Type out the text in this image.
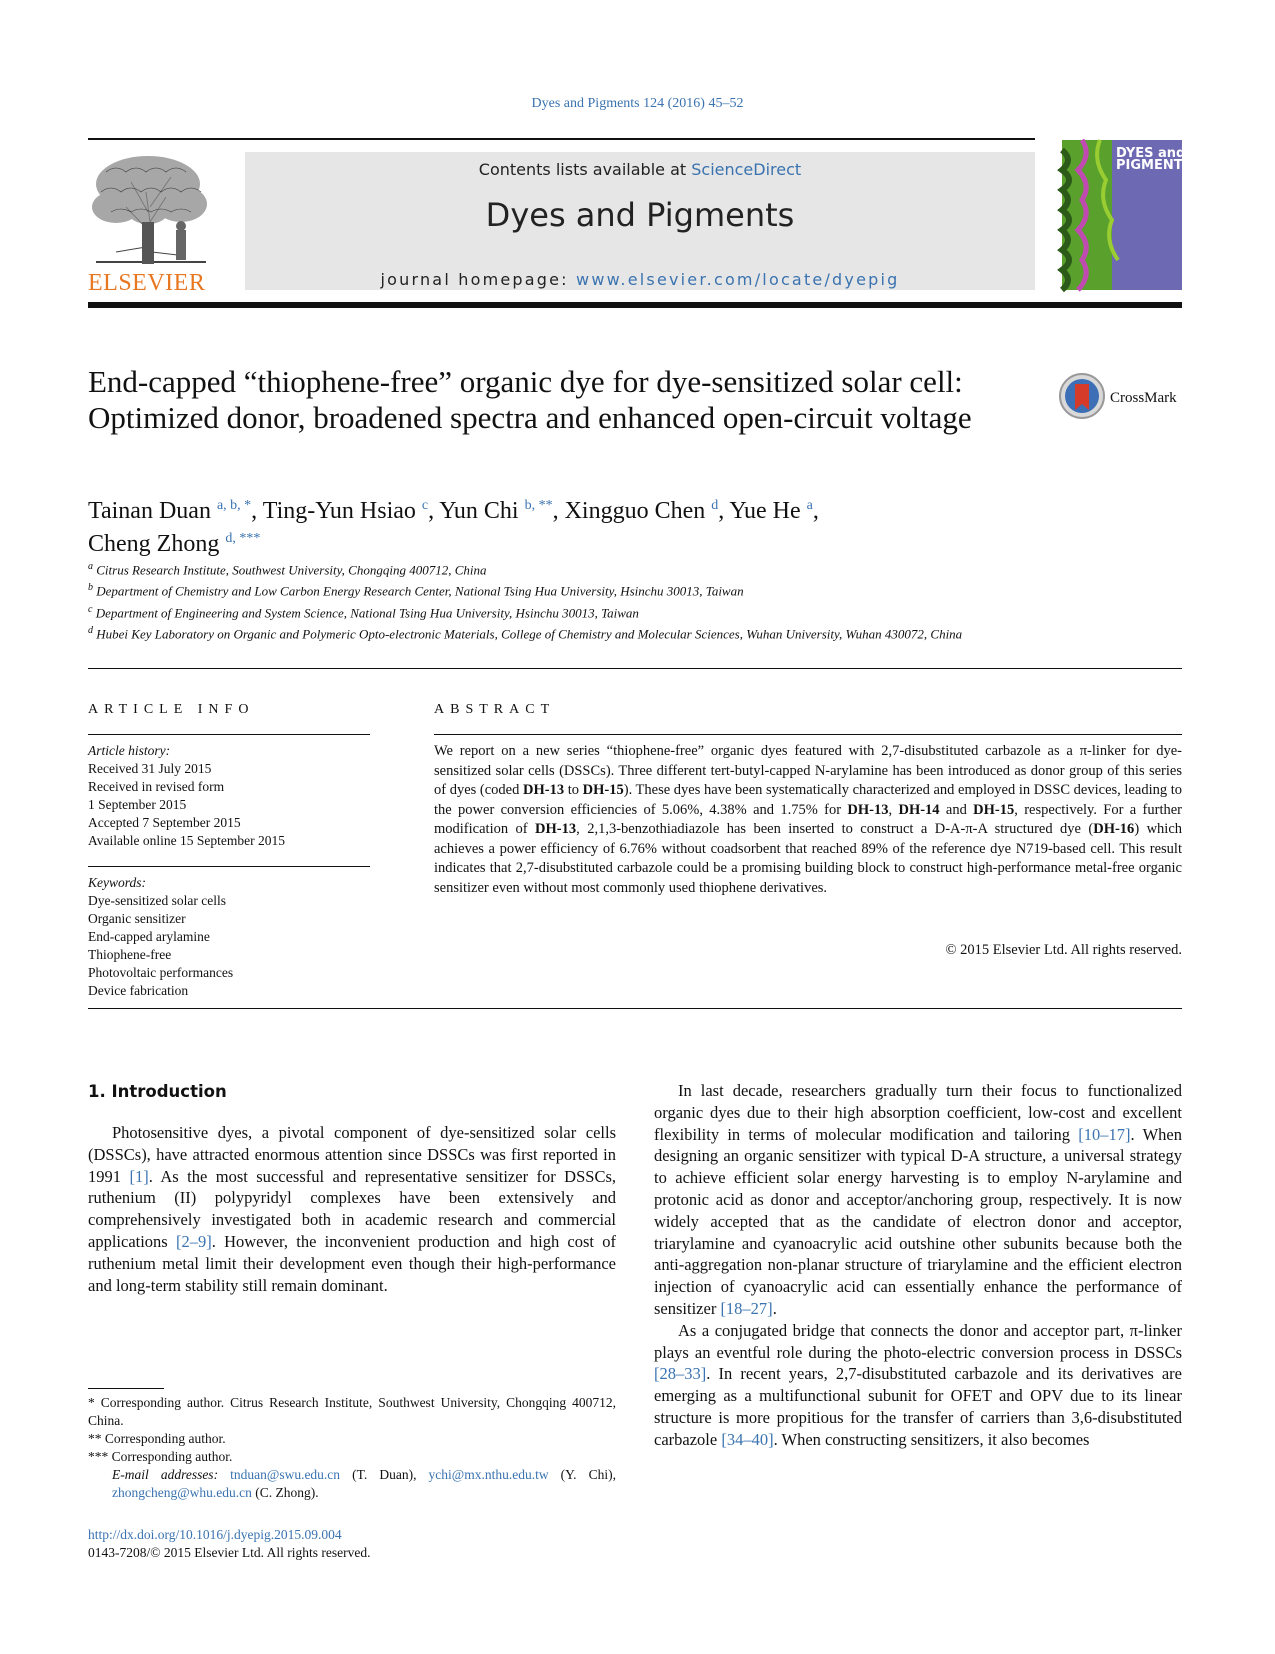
Dyes and Pigments 124 (2016) 45–52
ELSEVIER
Contents lists available at ScienceDirect
Dyes and Pigments
journal homepage: www.elsevier.com/locate/dyepig
DYES and PIGMENTS
End-capped “thiophene-free” organic dye for dye-sensitized solar cell: Optimized donor, broadened spectra and enhanced open-circuit voltage
CrossMark
Tainan Duan $^{a, b, *}$, Ting-Yun Hsiao $^c$, Yun Chi $^{b, **}$, Xingguo Chen $^d$, Yue He $^a$,
Cheng Zhong $^{d, ***}$
$^a$ Citrus Research Institute, Southwest University, Chongqing 400712, China
$^b$ Department of Chemistry and Low Carbon Energy Research Center, National Tsing Hua University, Hsinchu 30013, Taiwan
$^c$ Department of Engineering and System Science, National Tsing Hua University, Hsinchu 30013, Taiwan
$^d$ Hubei Key Laboratory on Organic and Polymeric Opto-electronic Materials, College of Chemistry and Molecular Sciences, Wuhan University, Wuhan 430072, China
ARTICLE INFO	ABSTRACT
Article history:
Received 31 July 2015
Received in revised form
1 September 2015
Accepted 7 September 2015
Available online 15 September 2015
Keywords:
Dye-sensitized solar cells
Organic sensitizer
End-capped arylamine
Thiophene-free
Photovoltaic performances
Device fabrication
We report on a new series “thiophene-free” organic dyes featured with 2,7-disubstituted carbazole as a π-linker for dye-sensitized solar cells (DSSCs). Three different tert-butyl-capped N-arylamine has been introduced as donor group of this series of dyes (coded DH-13 to DH-15). These dyes have been systematically characterized and employed in DSSC devices, leading to the power conversion efficiencies of 5.06%, 4.38% and 1.75% for DH-13, DH-14 and DH-15, respectively. For a further modification of DH-13, 2,1,3-benzothiadiazole has been inserted to construct a D-A-π-A structured dye (DH-16) which achieves a power efficiency of 6.76% without coadsorbent that reached 89% of the reference dye N719-based cell. This result indicates that 2,7-disubstituted carbazole could be a promising building block to construct high-performance metal-free organic sensitizer even without most commonly used thiophene derivatives.
© 2015 Elsevier Ltd. All rights reserved.
1. Introduction

Photosensitive dyes, a pivotal component of dye-sensitized solar cells (DSSCs), have attracted enormous attention since DSSCs was first reported in 1991 [1]. As the most successful and representative sensitizer for DSSCs, ruthenium (II) polypyridyl complexes have been extensively and comprehensively investigated both in academic research and commercial applications [2–9]. However, the inconvenient production and high cost of ruthenium metal limit their development even though their high-performance and long-term stability still remain dominant.

In last decade, researchers gradually turn their focus to functionalized organic dyes due to their high absorption coefficient, low-cost and excellent flexibility in terms of molecular modification and tailoring [10–17]. When designing an organic sensitizer with typical D-A structure, a universal strategy to achieve efficient solar energy harvesting is to employ N-arylamine and protonic acid as donor and acceptor/anchoring group, respectively. It is now widely accepted that as the candidate of electron donor and acceptor, triarylamine and cyanoacrylic acid outshine other subunits because both the anti-aggregation non-planar structure of triarylamine and the efficient electron injection of cyanoacrylic acid can essentially enhance the performance of sensitizer [18–27].

As a conjugated bridge that connects the donor and acceptor part, π-linker plays an eventful role during the photo-electric conversion process in DSSCs [28–33]. In recent years, 2,7-disubstituted carbazole and its derivatives are emerging as a multifunctional subunit for OFET and OPV due to its linear structure is more propitious for the transfer of carriers than 3,6-disubstituted carbazole [34–40]. When constructing sensitizers, it also becomes

* Corresponding author. Citrus Research Institute, Southwest University, Chongqing 400712, China.
** Corresponding author.
*** Corresponding author.
E-mail addresses: tnduan@swu.edu.cn (T. Duan), ychi@mx.nthu.edu.tw (Y. Chi), zhongcheng@whu.edu.cn (C. Zhong).
http://dx.doi.org/10.1016/j.dyepig.2015.09.004
0143-7208/© 2015 Elsevier Ltd. All rights reserved.
